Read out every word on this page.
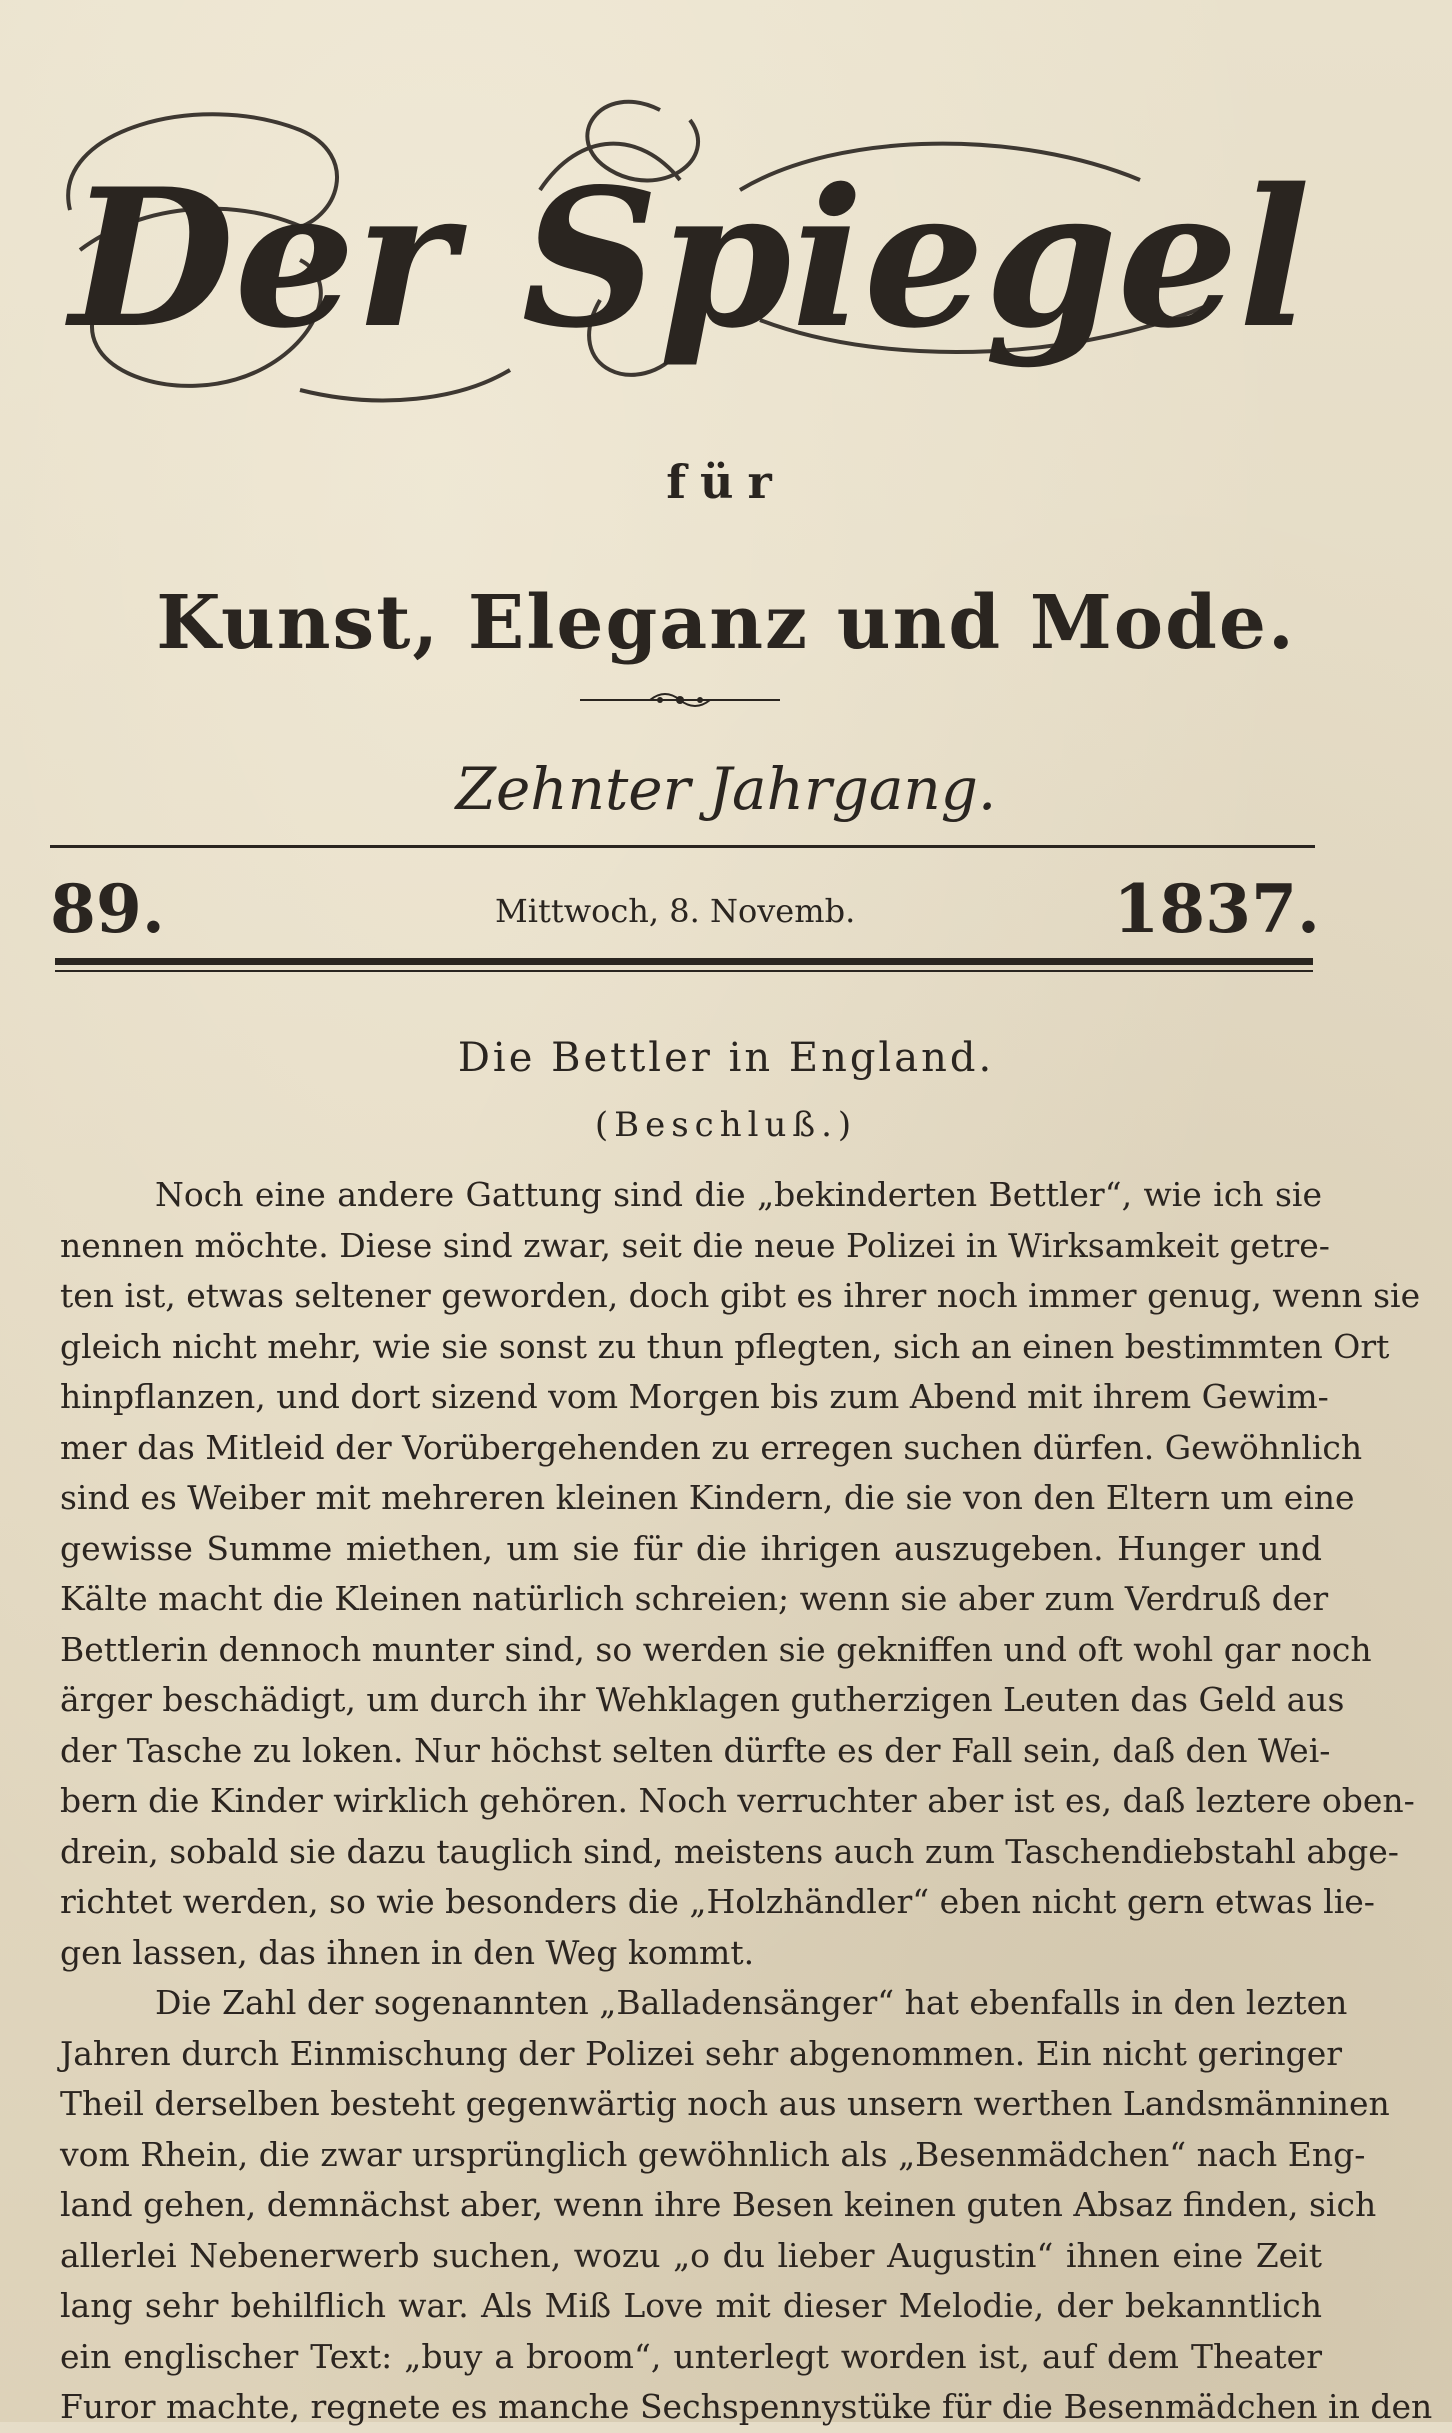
Der Spiegel
für
Kunst, Eleganz und Mode.
Zehnter Jahrgang.
89.	Mittwoch, 8. Novemb.	1837.
Die Bettler in England.
(Beschluß.)
Noch eine andere Gattung sind die „bekinderten Bettler“, wie ich sie
nennen möchte. Diese sind zwar, seit die neue Polizei in Wirksamkeit getre-
ten ist, etwas seltener geworden, doch gibt es ihrer noch immer genug, wenn sie
gleich nicht mehr, wie sie sonst zu thun pflegten, sich an einen bestimmten Ort
hinpflanzen, und dort sizend vom Morgen bis zum Abend mit ihrem Gewim-
mer das Mitleid der Vorübergehenden zu erregen suchen dürfen. Gewöhnlich
sind es Weiber mit mehreren kleinen Kindern, die sie von den Eltern um eine
gewisse Summe miethen, um sie für die ihrigen auszugeben. Hunger und
Kälte macht die Kleinen natürlich schreien; wenn sie aber zum Verdruß der
Bettlerin dennoch munter sind, so werden sie gekniffen und oft wohl gar noch
ärger beschädigt, um durch ihr Wehklagen gutherzigen Leuten das Geld aus
der Tasche zu loken. Nur höchst selten dürfte es der Fall sein, daß den Wei-
bern die Kinder wirklich gehören. Noch verruchter aber ist es, daß leztere oben-
drein, sobald sie dazu tauglich sind, meistens auch zum Taschendiebstahl abge-
richtet werden, so wie besonders die „Holzhändler“ eben nicht gern etwas lie-
gen lassen, das ihnen in den Weg kommt.
Die Zahl der sogenannten „Balladensänger“ hat ebenfalls in den lezten
Jahren durch Einmischung der Polizei sehr abgenommen. Ein nicht geringer
Theil derselben besteht gegenwärtig noch aus unsern werthen Landsmänninen
vom Rhein, die zwar ursprünglich gewöhnlich als „Besenmädchen“ nach Eng-
land gehen, demnächst aber, wenn ihre Besen keinen guten Absaz finden, sich
allerlei Nebenerwerb suchen, wozu „o du lieber Augustin“ ihnen eine Zeit
lang sehr behilflich war. Als Miß Love mit dieser Melodie, der bekanntlich
ein englischer Text: „buy a broom“, unterlegt worden ist, auf dem Theater
Furor machte, regnete es manche Sechspennystüke für die Besenmädchen in den
